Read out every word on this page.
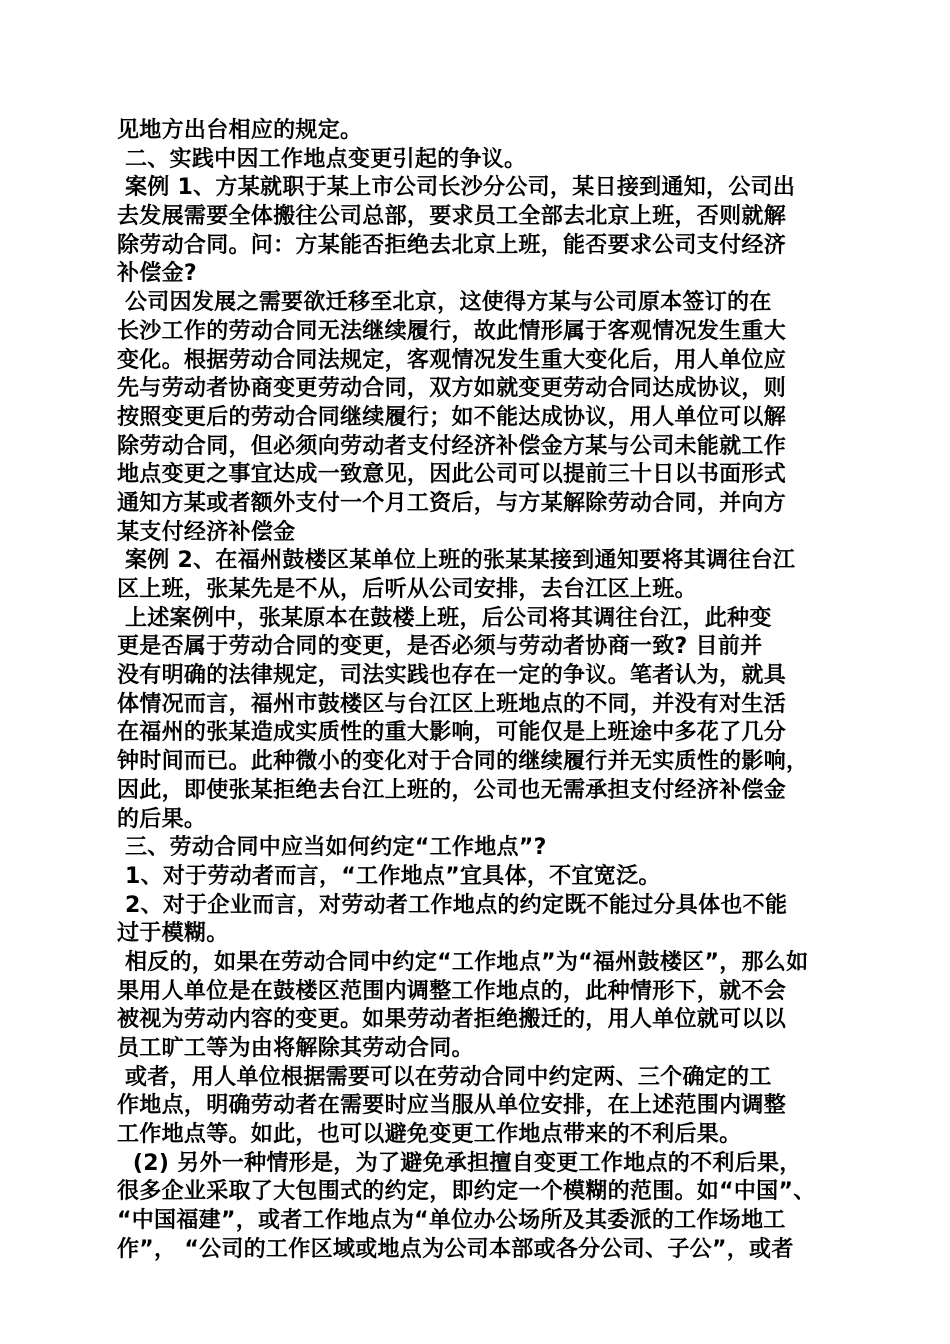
见地方出台相应的规定。
二、实践中因工作地点变更引起的争议。
案例 1、方某就职于某上市公司长沙分公司，某日接到通知，公司出
去发展需要全体搬往公司总部，要求员工全部去北京上班，否则就解
除劳动合同。问：方某能否拒绝去北京上班，能否要求公司支付经济
补偿金?
公司因发展之需要欲迁移至北京，这使得方某与公司原本签订的在
长沙工作的劳动合同无法继续履行，故此情形属于客观情况发生重大
变化。根据劳动合同法规定，客观情况发生重大变化后，用人单位应
先与劳动者协商变更劳动合同，双方如就变更劳动合同达成协议，则
按照变更后的劳动合同继续履行；如不能达成协议，用人单位可以解
除劳动合同，但必须向劳动者支付经济补偿金方某与公司未能就工作
地点变更之事宜达成一致意见，因此公司可以提前三十日以书面形式
通知方某或者额外支付一个月工资后，与方某解除劳动合同，并向方
某支付经济补偿金
案例 2、在福州鼓楼区某单位上班的张某某接到通知要将其调往台江
区上班，张某先是不从，后听从公司安排，去台江区上班。
上述案例中，张某原本在鼓楼上班，后公司将其调往台江，此种变
更是否属于劳动合同的变更，是否必须与劳动者协商一致? 目前并
没有明确的法律规定，司法实践也存在一定的争议。笔者认为，就具
体情况而言，福州市鼓楼区与台江区上班地点的不同，并没有对生活
在福州的张某造成实质性的重大影响，可能仅是上班途中多花了几分
钟时间而已。此种微小的变化对于合同的继续履行并无实质性的影响，
因此，即使张某拒绝去台江上班的，公司也无需承担支付经济补偿金
的后果。
三、劳动合同中应当如何约定“工作地点”?
1、对于劳动者而言，“工作地点”宜具体，不宜宽泛。
2、对于企业而言，对劳动者工作地点的约定既不能过分具体也不能
过于模糊。
相反的，如果在劳动合同中约定“工作地点”为“福州鼓楼区”，那么如
果用人单位是在鼓楼区范围内调整工作地点的，此种情形下，就不会
被视为劳动内容的变更。如果劳动者拒绝搬迁的，用人单位就可以以
员工旷工等为由将解除其劳动合同。
或者，用人单位根据需要可以在劳动合同中约定两、三个确定的工
作地点，明确劳动者在需要时应当服从单位安排，在上述范围内调整
工作地点等。如此，也可以避免变更工作地点带来的不利后果。
(2) 另外一种情形是，为了避免承担擅自变更工作地点的不利后果，
很多企业采取了大包围式的约定，即约定一个模糊的范围。如“中国”、
“中国福建”，或者工作地点为“单位办公场所及其委派的工作场地工
作”， “公司的工作区域或地点为公司本部或各分公司、子公”，或者
